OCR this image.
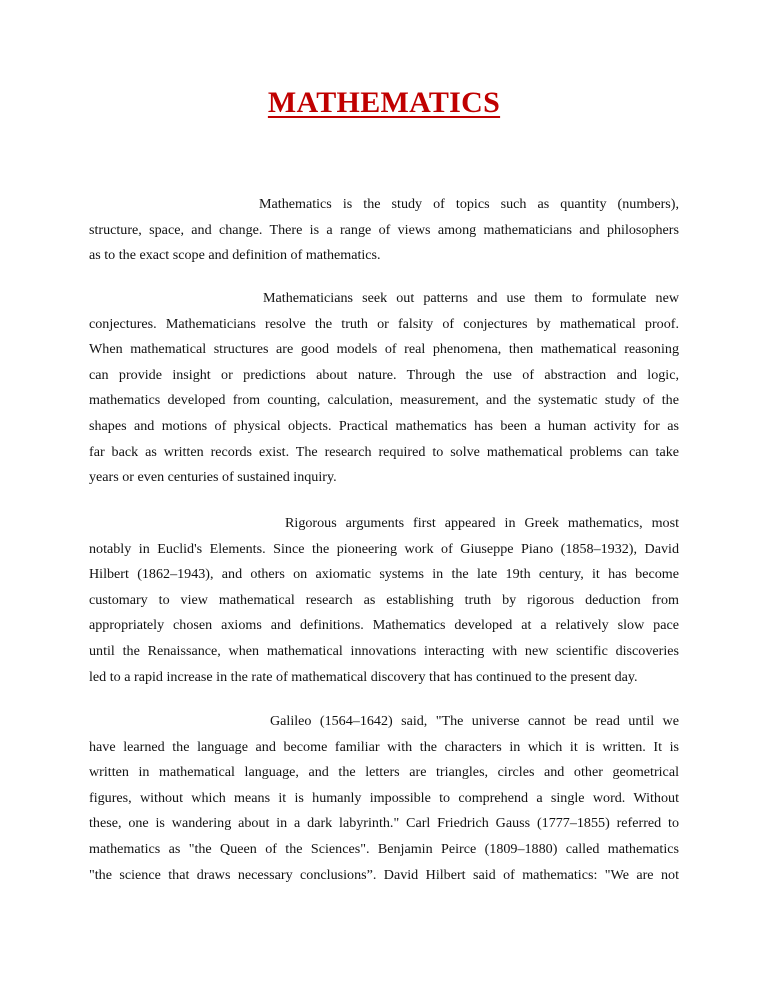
MATHEMATICS
Mathematics is the study of topics such as quantity (numbers),
structure, space, and change. There is a range of views among mathematicians and philosophers
as to the exact scope and definition of mathematics.
Mathematicians seek out patterns and use them to formulate new
conjectures. Mathematicians resolve the truth or falsity of conjectures by mathematical proof.
When mathematical structures are good models of real phenomena, then mathematical reasoning
can provide insight or predictions about nature. Through the use of abstraction and logic,
mathematics developed from counting, calculation, measurement, and the systematic study of the
shapes and motions of physical objects. Practical mathematics has been a human activity for as
far back as written records exist. The research required to solve mathematical problems can take
years or even centuries of sustained inquiry.
Rigorous arguments first appeared in Greek mathematics, most
notably in Euclid's Elements. Since the pioneering work of Giuseppe Piano (1858–1932), David
Hilbert (1862–1943), and others on axiomatic systems in the late 19th century, it has become
customary to view mathematical research as establishing truth by rigorous deduction from
appropriately chosen axioms and definitions. Mathematics developed at a relatively slow pace
until the Renaissance, when mathematical innovations interacting with new scientific discoveries
led to a rapid increase in the rate of mathematical discovery that has continued to the present day.
Galileo (1564–1642) said, "The universe cannot be read until we
have learned the language and become familiar with the characters in which it is written. It is
written in mathematical language, and the letters are triangles, circles and other geometrical
figures, without which means it is humanly impossible to comprehend a single word. Without
these, one is wandering about in a dark labyrinth." Carl Friedrich Gauss (1777–1855) referred to
mathematics as "the Queen of the Sciences". Benjamin Peirce (1809–1880) called mathematics
"the science that draws necessary conclusions”. David Hilbert said of mathematics: "We are not
